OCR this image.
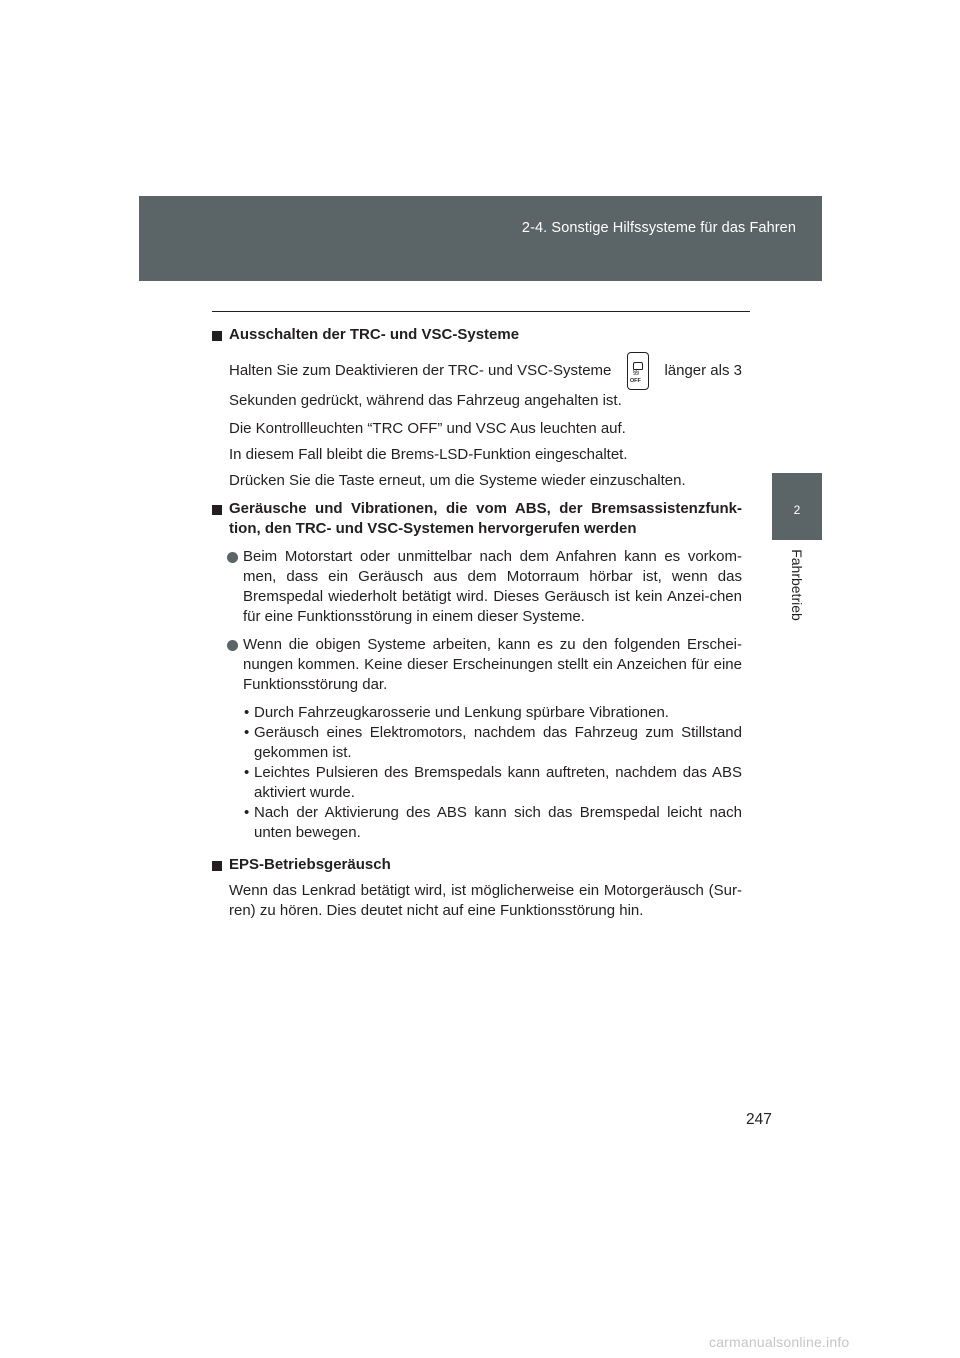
2-4. Sonstige Hilfssysteme für das Fahren
2
Fahrbetrieb
Ausschalten der TRC- und VSC-Systeme
Halten Sie zum Deaktivieren der TRC- und VSC-Systeme	§§
OFF
länger als 3
Sekunden gedrückt, während das Fahrzeug angehalten ist.
Die Kontrollleuchten “TRC OFF” und VSC Aus leuchten auf.
In diesem Fall bleibt die Brems-LSD-Funktion eingeschaltet.
Drücken Sie die Taste erneut, um die Systeme wieder einzuschalten.
Geräusche und Vibrationen, die vom ABS, der Bremsassistenzfunk-tion, den TRC- und VSC-Systemen hervorgerufen werden
Beim Motorstart oder unmittelbar nach dem Anfahren kann es vorkom-men, dass ein Geräusch aus dem Motorraum hörbar ist, wenn das Bremspedal wiederholt betätigt wird. Dieses Geräusch ist kein Anzei-chen für eine Funktionsstörung in einem dieser Systeme.
Wenn die obigen Systeme arbeiten, kann es zu den folgenden Erschei-nungen kommen. Keine dieser Erscheinungen stellt ein Anzeichen für eine Funktionsstörung dar.
• Durch Fahrzeugkarosserie und Lenkung spürbare Vibrationen.
• Geräusch eines Elektromotors, nachdem das Fahrzeug zum Stillstand gekommen ist.
• Leichtes Pulsieren des Bremspedals kann auftreten, nachdem das ABS aktiviert wurde.
• Nach der Aktivierung des ABS kann sich das Bremspedal leicht nach unten bewegen.
EPS-Betriebsgeräusch
Wenn das Lenkrad betätigt wird, ist möglicherweise ein Motorgeräusch (Sur-ren) zu hören. Dies deutet nicht auf eine Funktionsstörung hin.
247
carmanualsonline.info
